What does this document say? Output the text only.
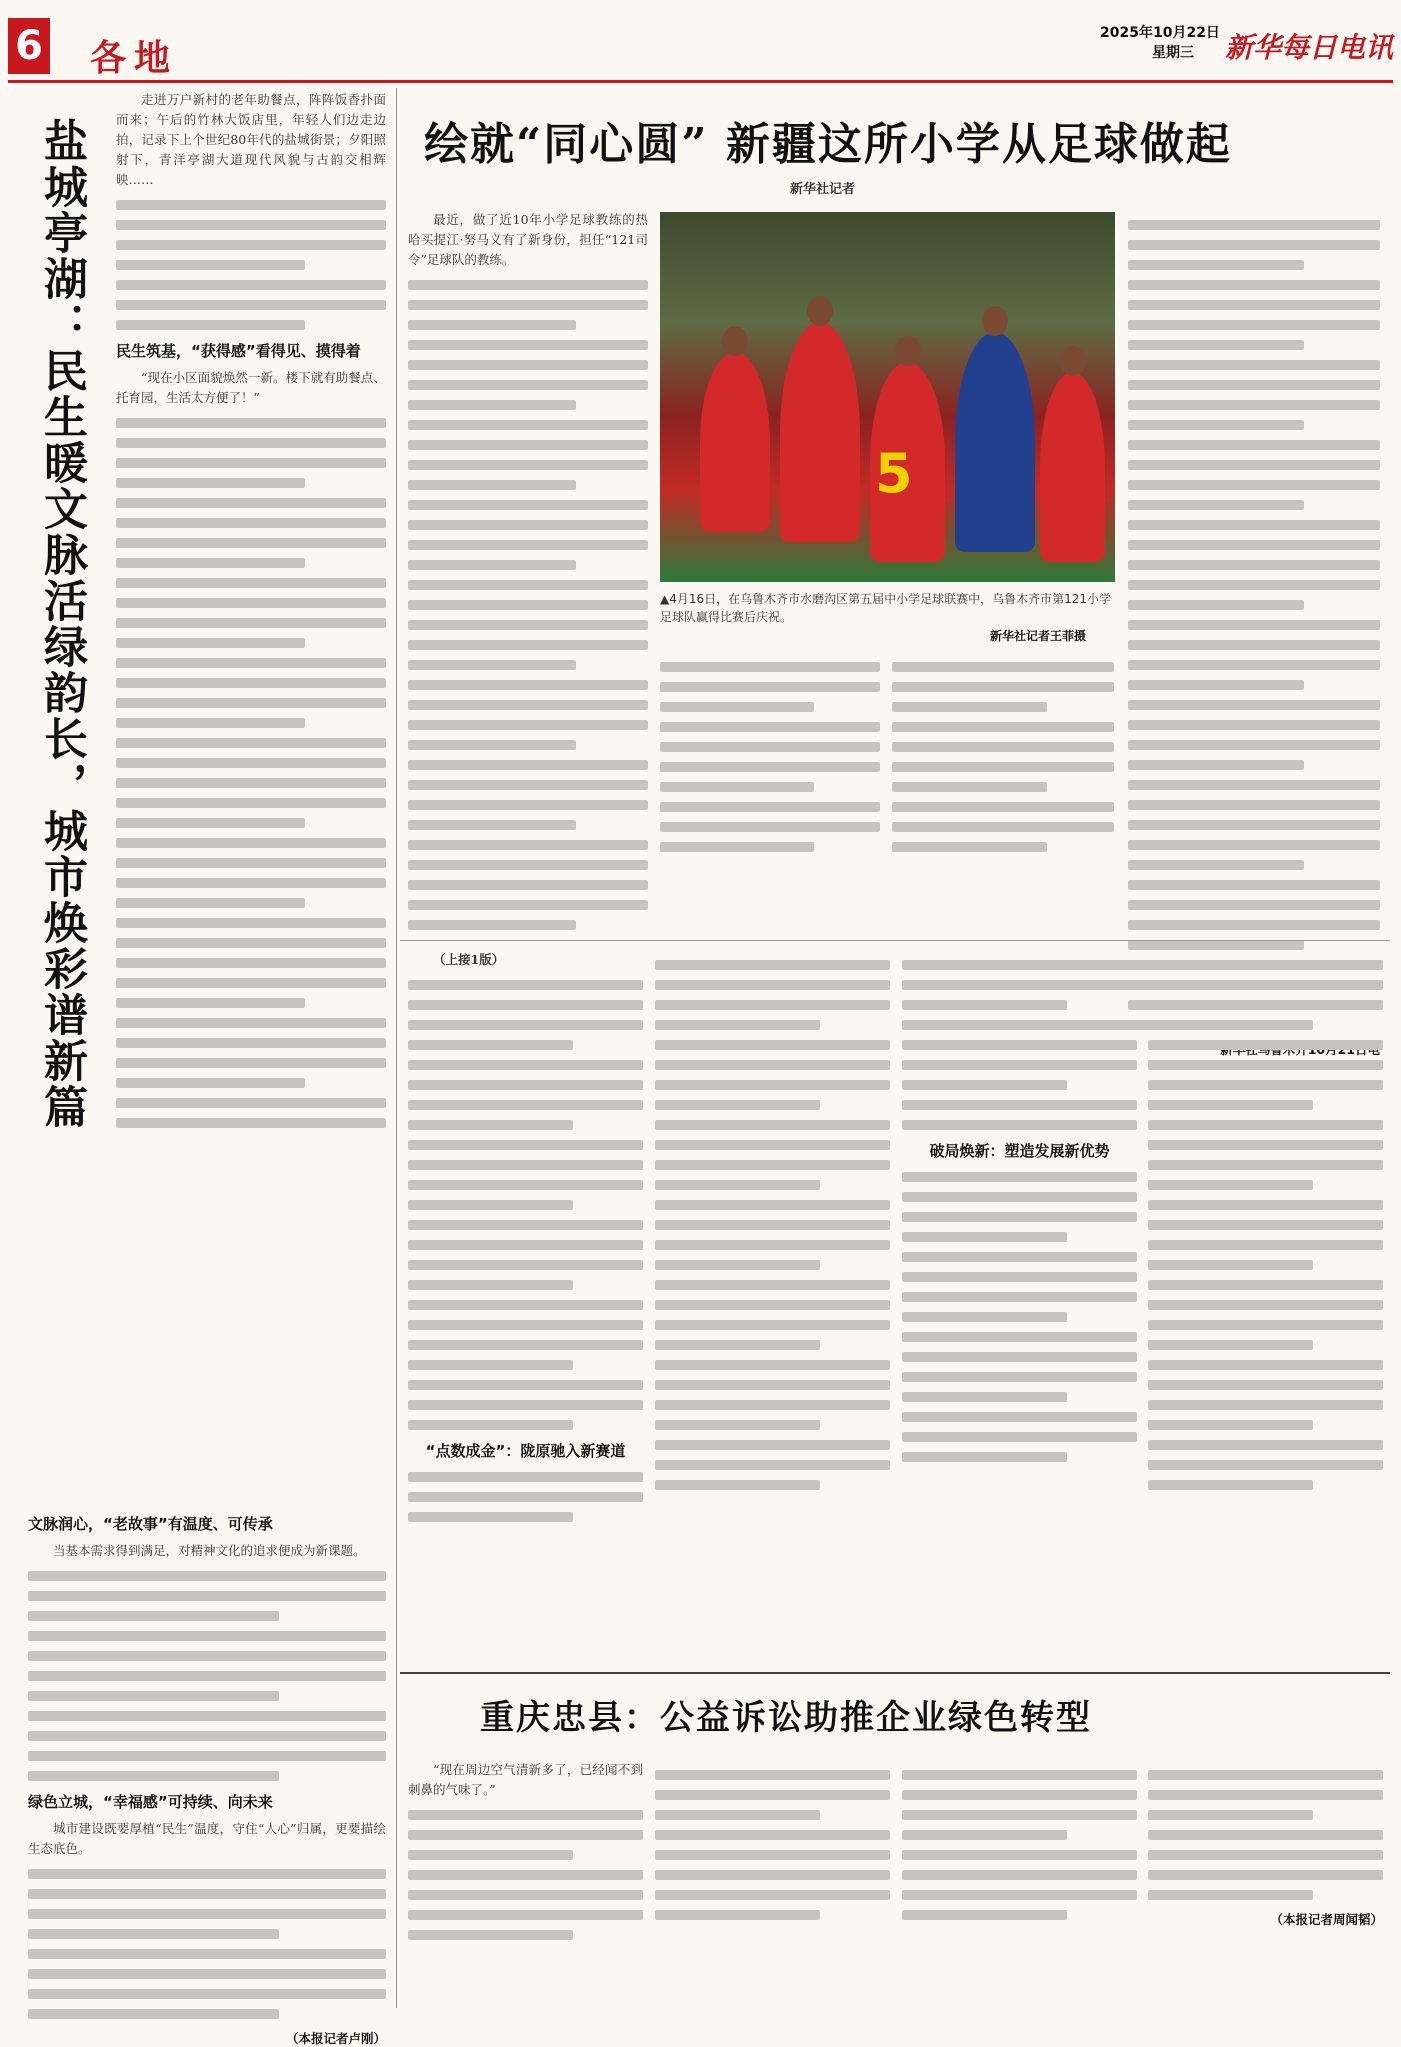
6 各地
2025年10月22日
星期三 新华每日电讯
盐城亭湖：民生暖文脉活绿韵长，城市焕彩谱新篇

走进万户新村的老年助餐点，阵阵饭香扑面而来；午后的竹林大饭店里，年轻人们边走边拍，记录下上个世纪80年代的盐城街景；夕阳照射下，青洋亭湖大道现代风貌与古韵交相辉映……

民生筑基，“获得感”看得见、摸得着

“现在小区面貌焕然一新。楼下就有助餐点、托育园，生活太方便了！”

文脉润心，“老故事”有温度、可传承

当基本需求得到满足，对精神文化的追求便成为新课题。

绿色立城，“幸福感”可持续、向未来

城市建设既要厚植“民生”温度，守住“人心”归属，更要描绘生态底色。

（本报记者卢刚）
绘就“同心圆” 新疆这所小学从足球做起
新华社记者

最近，做了近10年小学足球教练的热哈买提江·努马义有了新身份，担任“121司令”足球队的教练。

5
▲4月16日，在乌鲁木齐市水磨沟区第五届中小学足球联赛中，乌鲁木齐市第121小学足球队赢得比赛后庆祝。
新华社记者王菲摄

（上接1版）

“点数成金”：陇原驰入新赛道
破局焕新：塑造发展新优势
重庆忠县：公益诉讼助推企业绿色转型

“现在周边空气清新多了，已经闻不到刺鼻的气味了。”

（本报记者周闻韬）
